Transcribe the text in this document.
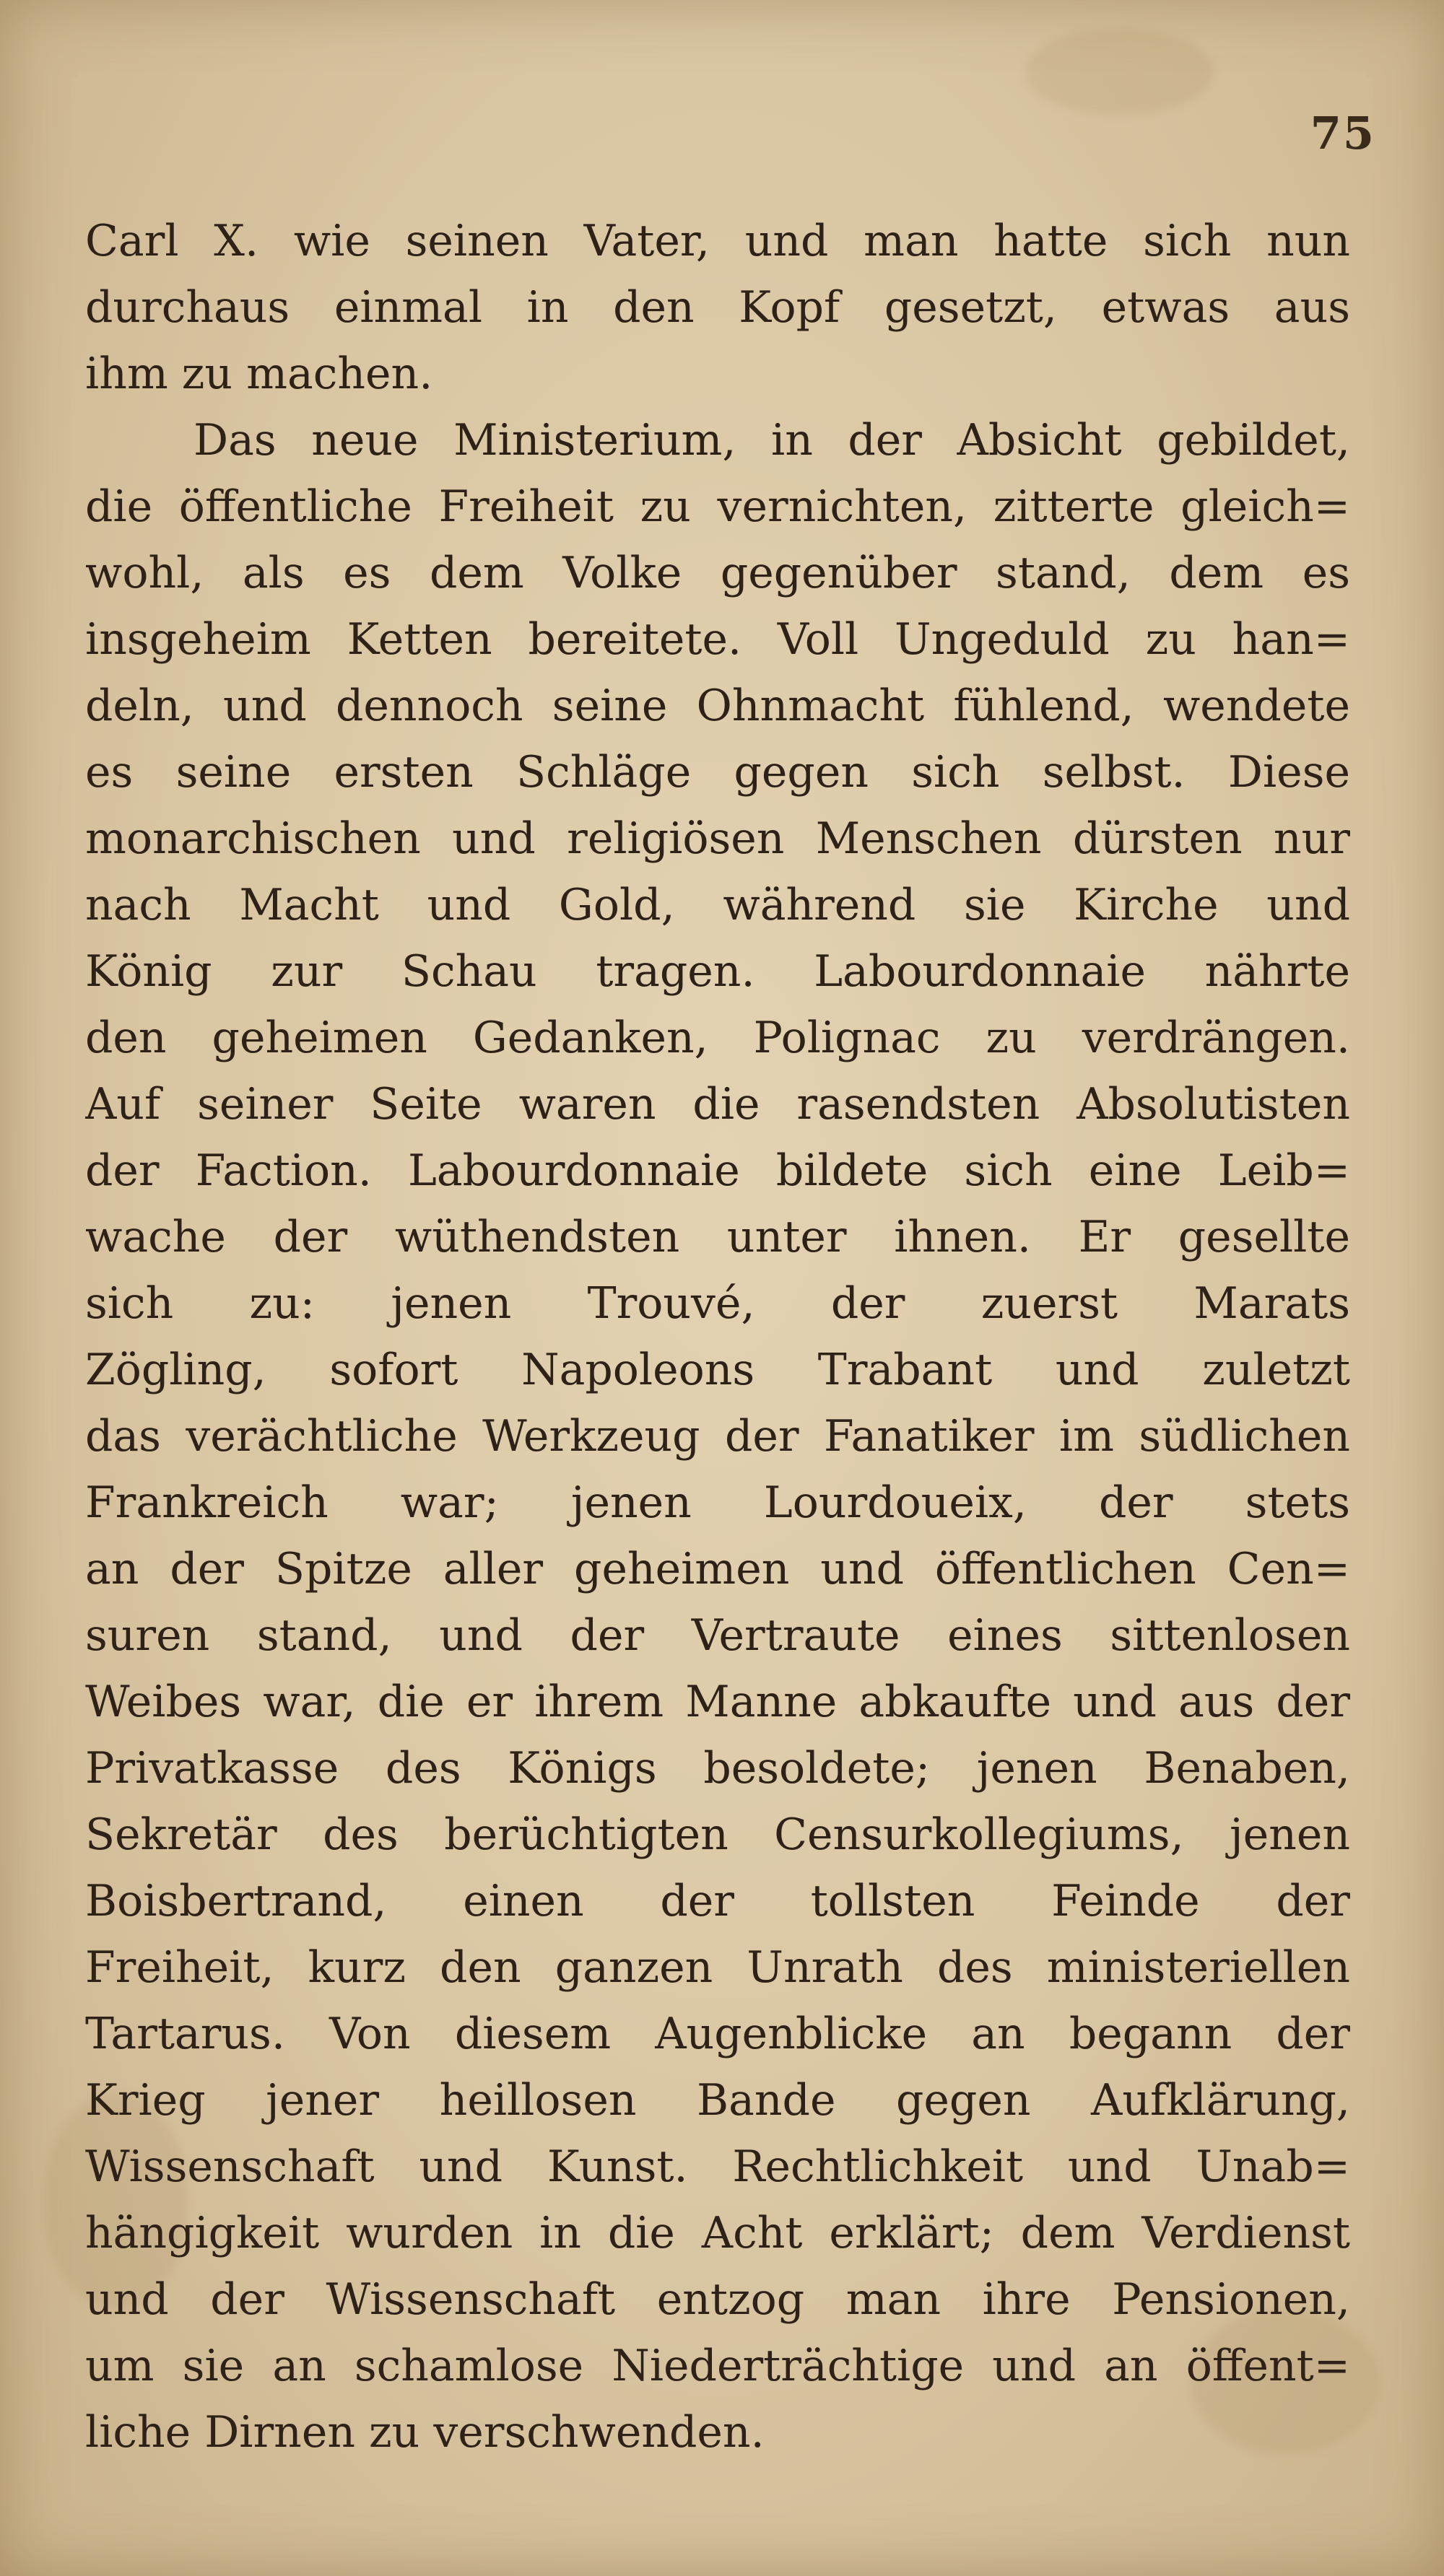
75
Carl X. wie seinen Vater, und man hatte sich nun
durchaus einmal in den Kopf gesetzt, etwas aus
ihm zu machen.
Das neue Ministerium, in der Absicht gebildet,
die öffentliche Freiheit zu vernichten, zitterte gleich=
wohl, als es dem Volke gegenüber stand, dem es
insgeheim Ketten bereitete. Voll Ungeduld zu han=
deln, und dennoch seine Ohnmacht fühlend, wendete
es seine ersten Schläge gegen sich selbst. Diese
monarchischen und religiösen Menschen dürsten nur
nach Macht und Gold, während sie Kirche und
König zur Schau tragen. Labourdonnaie nährte
den geheimen Gedanken, Polignac zu verdrängen.
Auf seiner Seite waren die rasendsten Absolutisten
der Faction. Labourdonnaie bildete sich eine Leib=
wache der wüthendsten unter ihnen. Er gesellte
sich zu: jenen Trouvé, der zuerst Marats
Zögling, sofort Napoleons Trabant und zuletzt
das verächtliche Werkzeug der Fanatiker im südlichen
Frankreich war; jenen Lourdoueix, der stets
an der Spitze aller geheimen und öffentlichen Cen=
suren stand, und der Vertraute eines sittenlosen
Weibes war, die er ihrem Manne abkaufte und aus der
Privatkasse des Königs besoldete; jenen Benaben,
Sekretär des berüchtigten Censurkollegiums, jenen
Boisbertrand, einen der tollsten Feinde der
Freiheit, kurz den ganzen Unrath des ministeriellen
Tartarus. Von diesem Augenblicke an begann der
Krieg jener heillosen Bande gegen Aufklärung,
Wissenschaft und Kunst. Rechtlichkeit und Unab=
hängigkeit wurden in die Acht erklärt; dem Verdienst
und der Wissenschaft entzog man ihre Pensionen,
um sie an schamlose Niederträchtige und an öffent=
liche Dirnen zu verschwenden.
